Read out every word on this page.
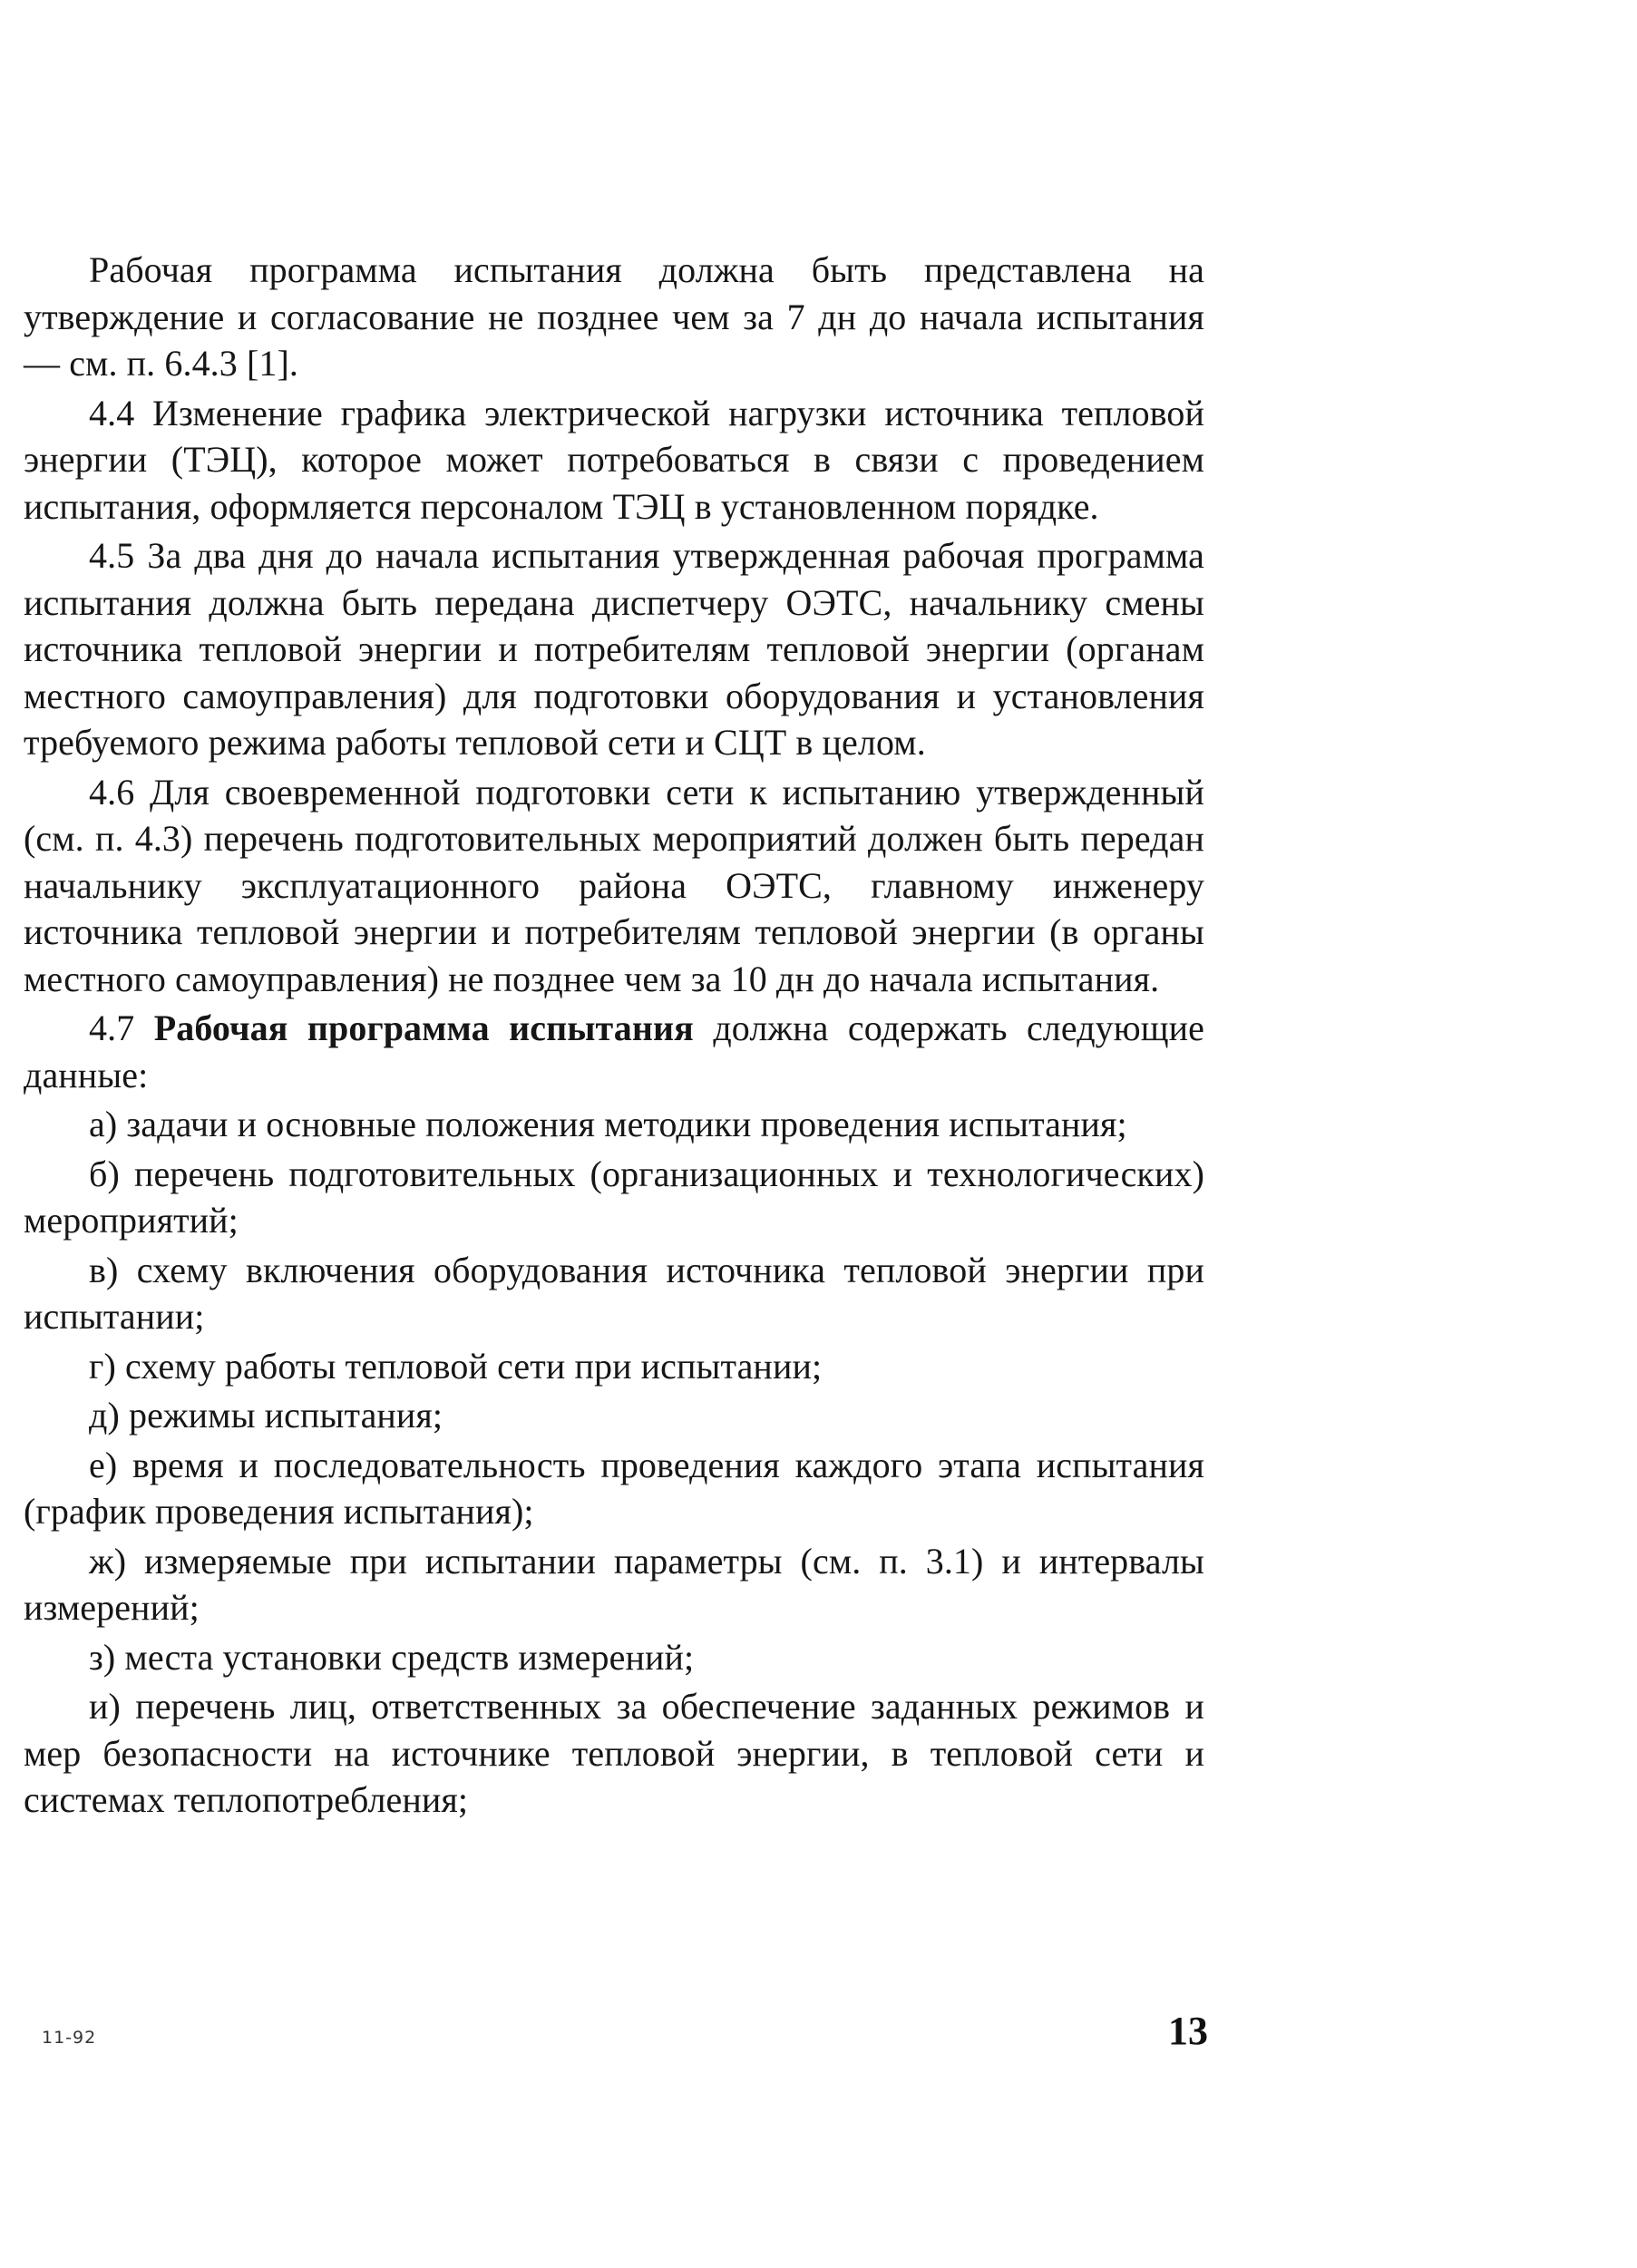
Рабочая программа испытания должна быть представлена на утверждение и согласование не позднее чем за 7 дн до начала испытания — см. п. 6.4.3 [1].

4.4 Изменение графика электрической нагрузки источника тепловой энергии (ТЭЦ), которое может потребоваться в связи с проведением испытания, оформляется персоналом ТЭЦ в установленном порядке.

4.5 За два дня до начала испытания утвержденная рабочая программа испытания должна быть передана диспетчеру ОЭТС, начальнику смены источника тепловой энергии и потребителям тепловой энергии (органам местного самоуправления) для подготовки оборудования и установления требуемого режима работы тепловой сети и СЦТ в целом.

4.6 Для своевременной подготовки сети к испытанию утвержденный (см. п. 4.3) перечень подготовительных мероприятий должен быть передан начальнику эксплуатационного района ОЭТС, главному инженеру источника тепловой энергии и потребителям тепловой энергии (в органы местного самоуправления) не позднее чем за 10 дн до начала испытания.

4.7 Рабочая программа испытания должна содержать следующие данные:

а) задачи и основные положения методики проведения испытания;

б) перечень подготовительных (организационных и технологических) мероприятий;

в) схему включения оборудования источника тепловой энергии при испытании;

г) схему работы тепловой сети при испытании;

д) режимы испытания;

е) время и последовательность проведения каждого этапа испытания (график проведения испытания);

ж) измеряемые при испытании параметры (см. п. 3.1) и интервалы измерений;

з) места установки средств измерений;

и) перечень лиц, ответственных за обеспечение заданных режимов и мер безопасности на источнике тепловой энергии, в тепловой сети и системах теплопотребления;

11-92	13
